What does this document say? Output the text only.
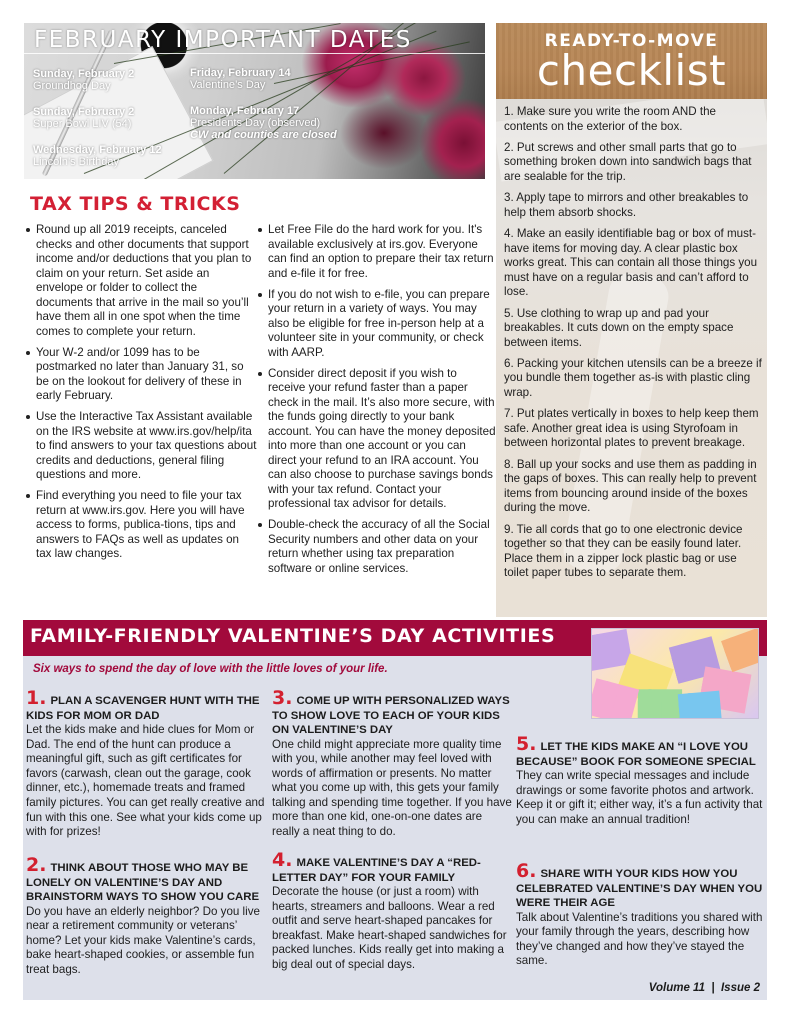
FEBRUARY IMPORTANT DATES
Sunday, February 2
Groundhog Day
Sunday, February 2
Super Bowl LIV (54)
Wednesday, February 12
Lincoln’s Birthday
Friday, February 14
Valentine’s Day
Monday, February 17
Presidents Day (observed)
CW and counties are closed
TAX TIPS & TRICKS
Round up all 2019 receipts, canceled checks and other documents that support income and/or deductions that you plan to claim on your return. Set aside an envelope or folder to collect the documents that arrive in the mail so you’ll have them all in one spot when the time comes to complete your return.
Your W-2 and/or 1099 has to be postmarked no later than January 31, so be on the lookout for delivery of these in early February.
Use the Interactive Tax Assistant available on the IRS website at www.irs.gov/help/ita to find answers to your tax questions about credits and deductions, general filing questions and more.
Find everything you need to file your tax return at www.irs.gov. Here you will have access to forms, publica-tions, tips and answers to FAQs as well as updates on tax law changes.
Let Free File do the hard work for you. It's available exclusively at irs.gov. Everyone can find an option to prepare their tax return and e-file it for free.
If you do not wish to e-file, you can prepare your return in a variety of ways. You may also be eligible for free in-person help at a volunteer site in your community, or check with AARP.
Consider direct deposit if you wish to receive your refund faster than a paper check in the mail. It’s also more secure, with the funds going directly to your bank account. You can have the money deposited into more than one account or you can direct your refund to an IRA account. You can also choose to purchase savings bonds with your tax refund. Contact your professional tax advisor for details.
Double-check the accuracy of all the Social Security numbers and other data on your return whether using tax preparation software or online services.
READY-TO-MOVE
checklist
1. Make sure you write the room AND the contents on the exterior of the box.
2. Put screws and other small parts that go to something broken down into sandwich bags that are sealable for the trip.
3. Apply tape to mirrors and other breakables to help them absorb shocks.
4. Make an easily identifiable bag or box of must-have items for moving day. A clear plastic box works great. This can contain all those things you must have on a regular basis and can’t afford to lose.
5. Use clothing to wrap up and pad your breakables. It cuts down on the empty space between items.
6. Packing your kitchen utensils can be a breeze if you bundle them together as-is with plastic cling wrap.
7. Put plates vertically in boxes to help keep them safe. Another great idea is using Styrofoam in between horizontal plates to prevent breakage.
8. Ball up your socks and use them as padding in the gaps of boxes. This can really help to prevent items from bouncing around inside of the boxes during the move.
9. Tie all cords that go to one electronic device together so that they can be easily found later. Place them in a zipper lock plastic bag or use toilet paper tubes to separate them.
FAMILY-FRIENDLY VALENTINE’S DAY ACTIVITIES
Six ways to spend the day of love with the little loves of your life.
1. PLAN A SCAVENGER HUNT WITH THE KIDS FOR MOM OR DAD
Let the kids make and hide clues for Mom or Dad. The end of the hunt can produce a meaningful gift, such as gift certificates for favors (carwash, clean out the garage, cook dinner, etc.), homemade treats and framed family pictures. You can get really creative and fun with this one. See what your kids come up with for prizes!
2. THINK ABOUT THOSE WHO MAY BE LONELY ON VALENTINE’S DAY AND BRAINSTORM WAYS TO SHOW YOU CARE
Do you have an elderly neighbor? Do you live near a retirement community or veterans’ home? Let your kids make Valentine’s cards, bake heart-shaped cookies, or assemble fun treat bags.
3. COME UP WITH PERSONALIZED WAYS TO SHOW LOVE TO EACH OF YOUR KIDS ON VALENTINE’S DAY
One child might appreciate more quality time with you, while another may feel loved with words of affirmation or presents. No matter what you come up with, this gets your family talking and spending time together. If you have more than one kid, one-on-one dates are really a neat thing to do.
4. MAKE VALENTINE’S DAY A “RED-LETTER DAY” FOR YOUR FAMILY
Decorate the house (or just a room) with hearts, streamers and balloons. Wear a red outfit and serve heart-shaped pancakes for breakfast. Make heart-shaped sandwiches for packed lunches. Kids really get into making a big deal out of special days.
5. LET THE KIDS MAKE AN “I LOVE YOU BECAUSE” BOOK FOR SOMEONE SPECIAL
They can write special messages and include drawings or some favorite photos and artwork. Keep it or gift it; either way, it’s a fun activity that you can make an annual tradition!
6. SHARE WITH YOUR KIDS HOW YOU CELEBRATED VALENTINE’S DAY WHEN YOU WERE THEIR AGE
Talk about Valentine’s traditions you shared with your family through the years, describing how they’ve changed and how they’ve stayed the same.
Volume 11  |  Issue 2
